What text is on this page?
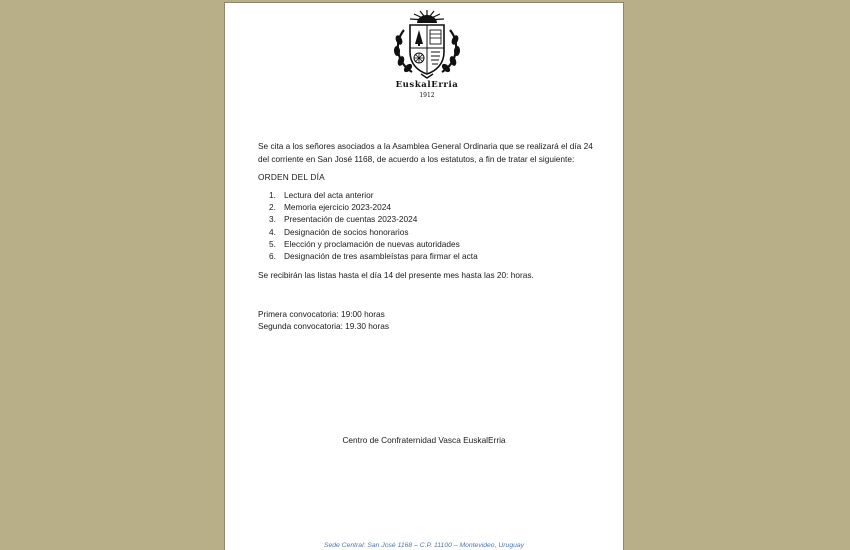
EuskalErria
1912
Se cita a los señores asociados a la Asamblea General Ordinaria que se realizará el día 24 del corriente en San José 1168, de acuerdo a los estatutos, a fin de tratar el siguiente:
ORDEN DEL DÍA
1. Lectura del acta anterior
2. Memoria ejercicio 2023-2024
3. Presentación de cuentas 2023-2024
4. Designación de socios honorarios
5. Elección y proclamación de nuevas autoridades
6. Designación de tres asambleístas para firmar el acta
Se recibirán las listas hasta el día 14 del presente mes hasta las 20: horas.
Primera convocatoria: 19:00 horas
Segunda convocatoria: 19.30 horas
Centro de Confraternidad Vasca EuskalErria
Sede Central: San José 1168 – C.P. 11100 – Montevideo, Uruguay
